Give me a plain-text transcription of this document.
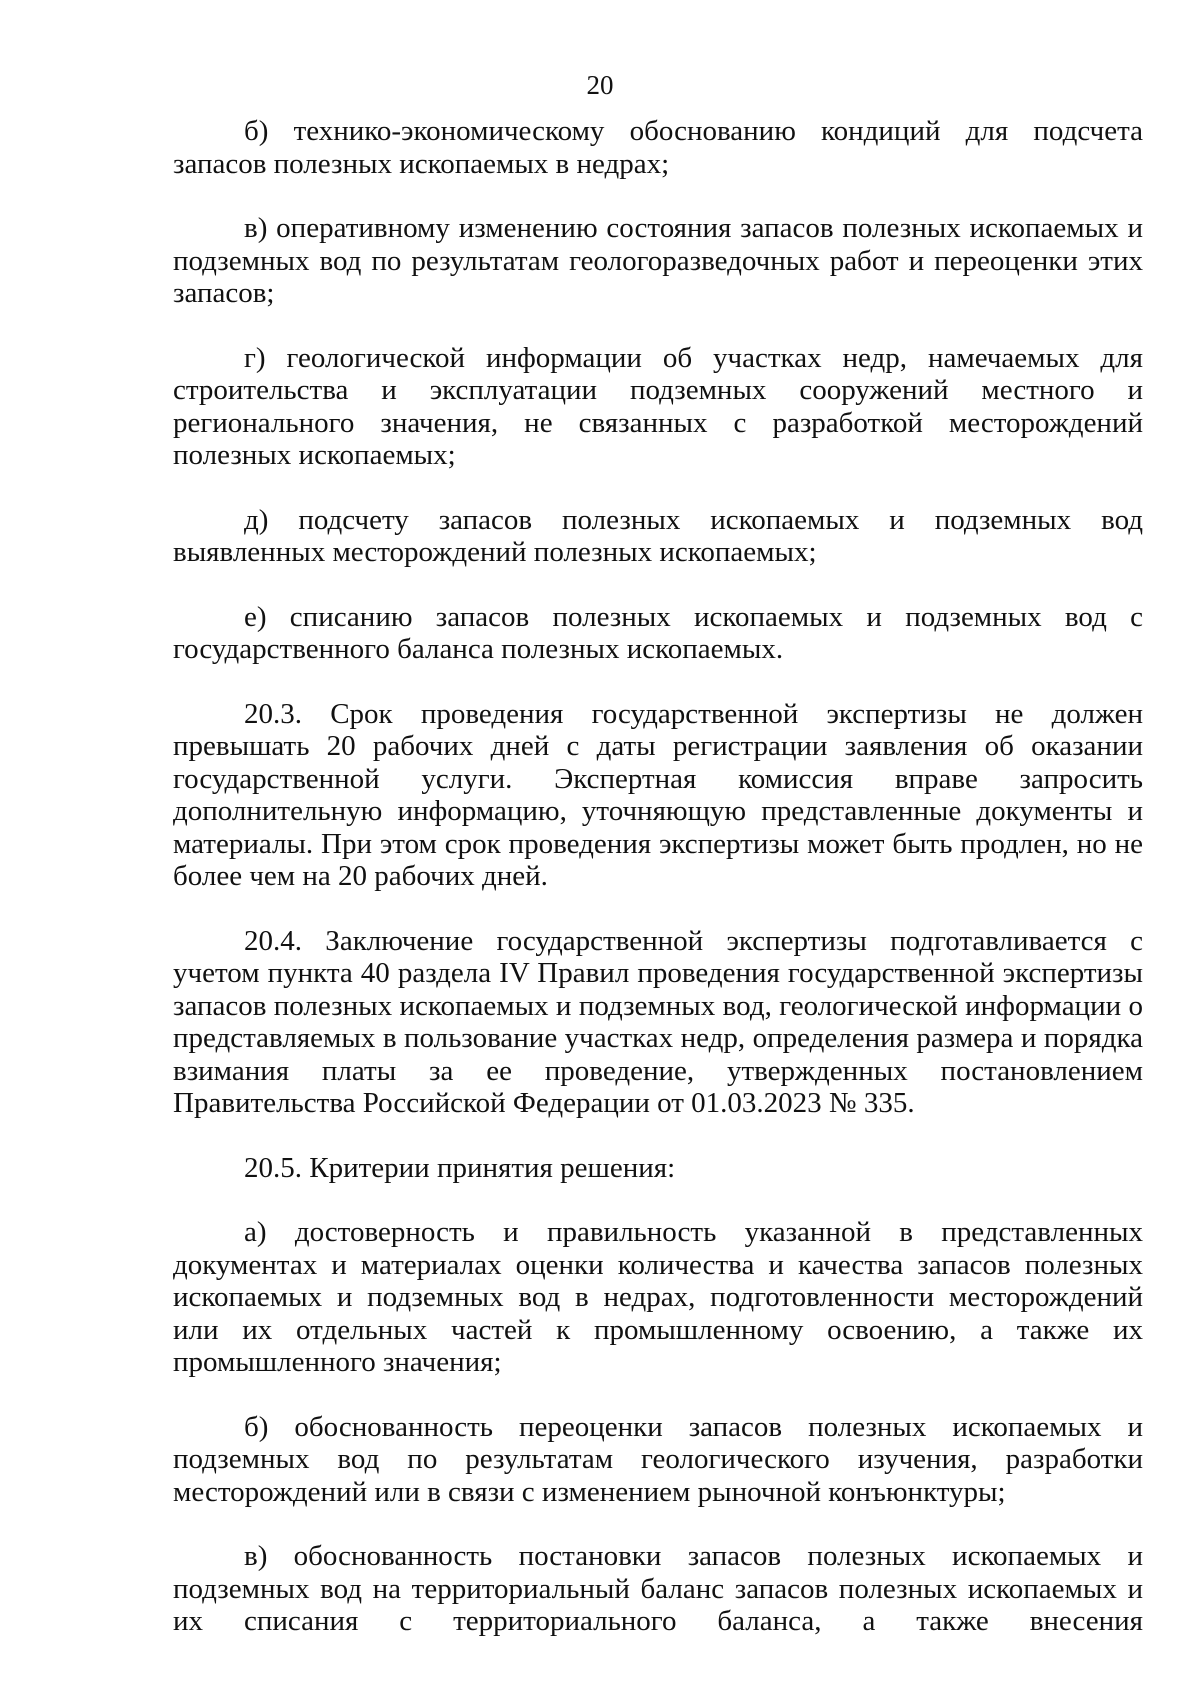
20

б) технико-экономическому обоснованию кондиций для подсчета запасов полезных ископаемых в недрах;

в) оперативному изменению состояния запасов полезных ископаемых и подземных вод по результатам геологоразведочных работ и переоценки этих запасов;

г) геологической информации об участках недр, намечаемых для строительства и эксплуатации подземных сооружений местного и регионального значения, не связанных с разработкой месторождений полезных ископаемых;

д) подсчету запасов полезных ископаемых и подземных вод выявленных месторождений полезных ископаемых;

е) списанию запасов полезных ископаемых и подземных вод с государственного баланса полезных ископаемых.

20.3. Срок проведения государственной экспертизы не должен превышать 20 рабочих дней с даты регистрации заявления об оказании государственной услуги. Экспертная комиссия вправе запросить дополнительную информацию, уточняющую представленные документы и материалы. При этом срок проведения экспертизы может быть продлен, но не более чем на 20 рабочих дней.

20.4. Заключение государственной экспертизы подготавливается с учетом пункта 40 раздела IV Правил проведения государственной экспертизы запасов полезных ископаемых и подземных вод, геологической информации о представляемых в пользование участках недр, определения размера и порядка взимания платы за ее проведение, утвержденных постановлением Правительства Российской Федерации от 01.03.2023 № 335.

20.5. Критерии принятия решения:

а) достоверность и правильность указанной в представленных документах и материалах оценки количества и качества запасов полезных ископаемых и подземных вод в недрах, подготовленности месторождений или их отдельных частей к промышленному освоению, а также их промышленного значения;

б) обоснованность переоценки запасов полезных ископаемых и подземных вод по результатам геологического изучения, разработки месторождений или в связи с изменением рыночной конъюнктуры;

в) обоснованность постановки запасов полезных ископаемых и подземных вод на территориальный баланс запасов полезных ископаемых и их списания с территориального баланса, а также внесения
